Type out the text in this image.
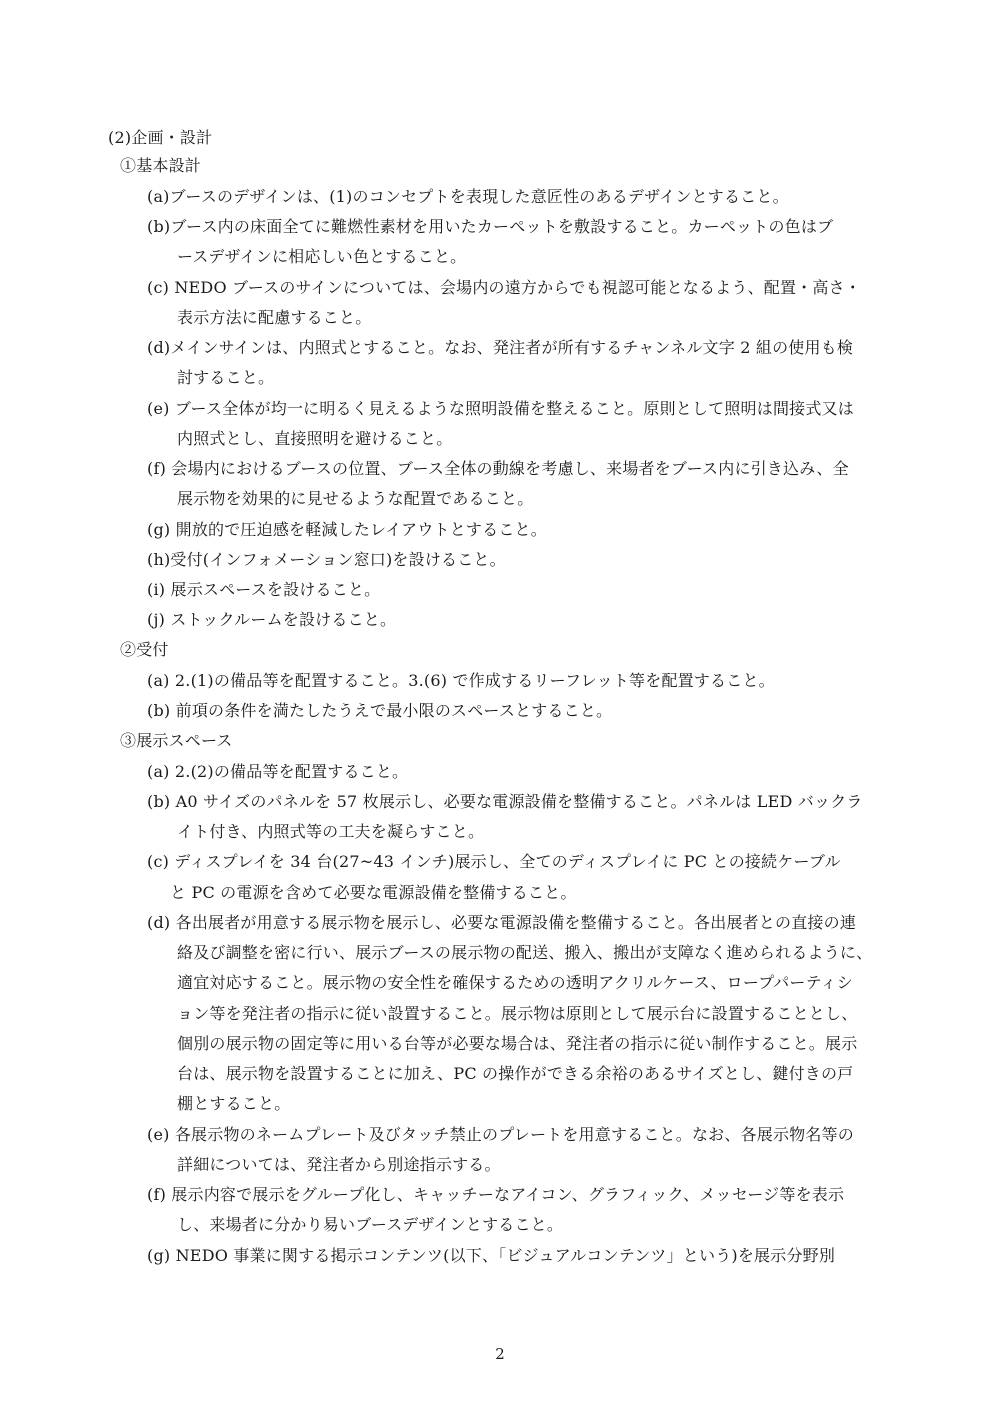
(2)企画・設計
①基本設計
(a)ブースのデザインは、(1)のコンセプトを表現した意匠性のあるデザインとすること。
(b)ブース内の床面全てに難燃性素材を用いたカーペットを敷設すること。カーペットの色はブ
ースデザインに相応しい色とすること。
(c) NEDO ブースのサインについては、会場内の遠方からでも視認可能となるよう、配置・高さ・
表示方法に配慮すること。
(d)メインサインは、内照式とすること。なお、発注者が所有するチャンネル文字 2 組の使用も検
討すること。
(e) ブース全体が均一に明るく見えるような照明設備を整えること。原則として照明は間接式又は
内照式とし、直接照明を避けること。
(f) 会場内におけるブースの位置、ブース全体の動線を考慮し、来場者をブース内に引き込み、全
展示物を効果的に見せるような配置であること。
(g) 開放的で圧迫感を軽減したレイアウトとすること。
(h)受付(インフォメーション窓口)を設けること。
(i) 展示スペースを設けること。
(j) ストックルームを設けること。
②受付
(a) 2.(1)の備品等を配置すること。3.(6) で作成するリーフレット等を配置すること。
(b) 前項の条件を満たしたうえで最小限のスペースとすること。
③展示スペース
(a) 2.(2)の備品等を配置すること。
(b) A0 サイズのパネルを 57 枚展示し、必要な電源設備を整備すること。パネルは LED バックラ
イト付き、内照式等の工夫を凝らすこと。
(c) ディスプレイを 34 台(27~43 インチ)展示し、全てのディスプレイに PC との接続ケーブル
と PC の電源を含めて必要な電源設備を整備すること。
(d) 各出展者が用意する展示物を展示し、必要な電源設備を整備すること。各出展者との直接の連
絡及び調整を密に行い、展示ブースの展示物の配送、搬入、搬出が支障なく進められるように、
適宜対応すること。展示物の安全性を確保するための透明アクリルケース、ロープパーティシ
ョン等を発注者の指示に従い設置すること。展示物は原則として展示台に設置することとし、
個別の展示物の固定等に用いる台等が必要な場合は、発注者の指示に従い制作すること。展示
台は、展示物を設置することに加え、PC の操作ができる余裕のあるサイズとし、鍵付きの戸
棚とすること。
(e) 各展示物のネームプレート及びタッチ禁止のプレートを用意すること。なお、各展示物名等の
詳細については、発注者から別途指示する。
(f) 展示内容で展示をグループ化し、キャッチーなアイコン、グラフィック、メッセージ等を表示
し、来場者に分かり易いブースデザインとすること。
(g) NEDO 事業に関する掲示コンテンツ(以下、「ビジュアルコンテンツ」という)を展示分野別
2
